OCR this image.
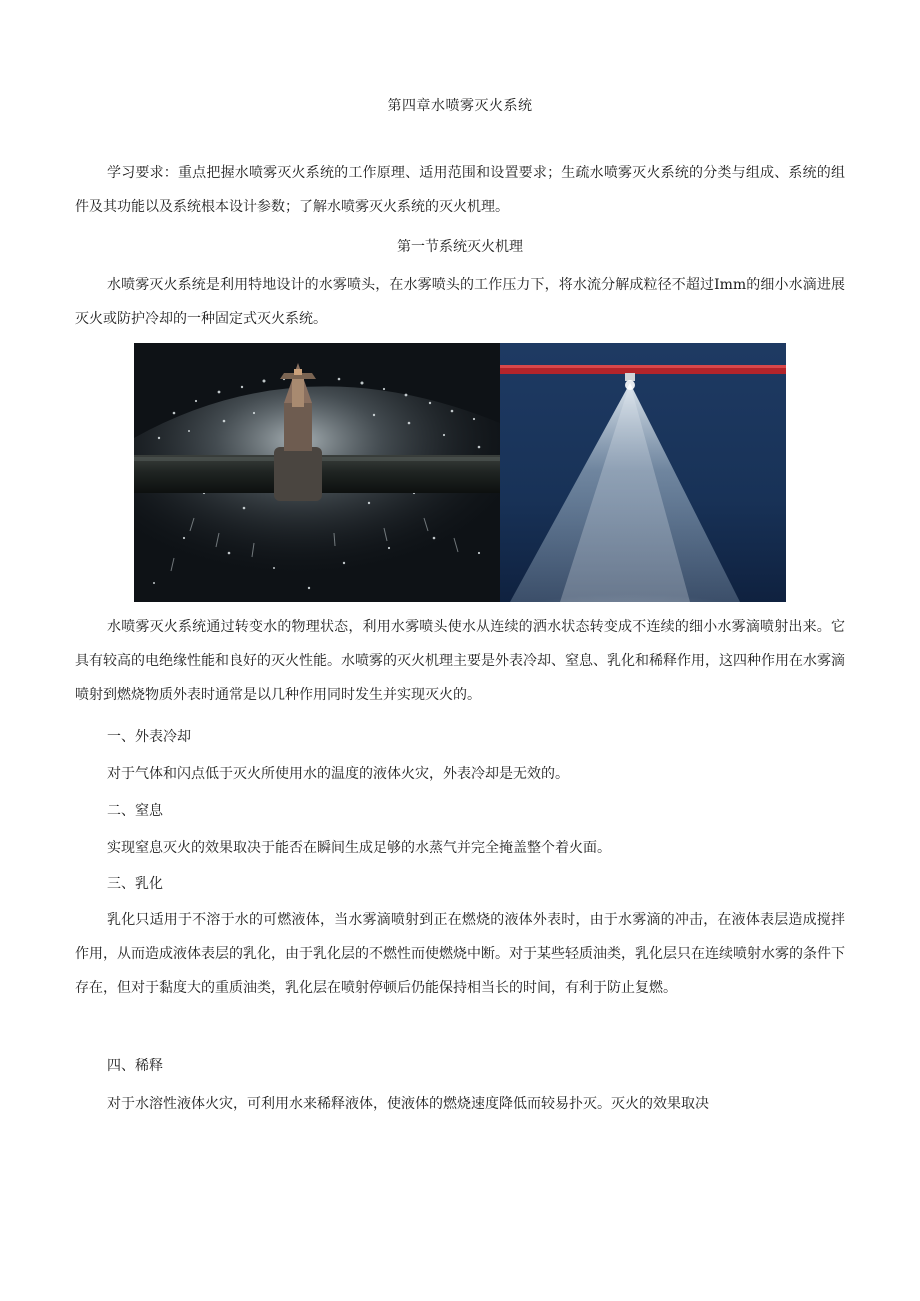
第四章水喷雾灭火系统

学习要求：重点把握水喷雾灭火系统的工作原理、适用范围和设置要求；生疏水喷雾灭火系统的分类与组成、系统的组件及其功能以及系统根本设计参数；了解水喷雾灭火系统的灭火机理。

第一节系统灭火机理

水喷雾灭火系统是利用特地设计的水雾喷头，在水雾喷头的工作压力下，将水流分解成粒径不超过Imm的细小水滴进展灭火或防护冷却的一种固定式灭火系统。

水喷雾灭火系统通过转变水的物理状态，利用水雾喷头使水从连续的洒水状态转变成不连续的细小水雾滴喷射出来。它具有较高的电绝缘性能和良好的灭火性能。水喷雾的灭火机理主要是外表冷却、窒息、乳化和稀释作用，这四种作用在水雾滴喷射到燃烧物质外表时通常是以几种作用同时发生并实现灭火的。

一、外表冷却

对于气体和闪点低于灭火所使用水的温度的液体火灾，外表冷却是无效的。

二、窒息

实现窒息灭火的效果取决于能否在瞬间生成足够的水蒸气并完全掩盖整个着火面。

三、乳化

乳化只适用于不溶于水的可燃液体，当水雾滴喷射到正在燃烧的液体外表时，由于水雾滴的冲击，在液体表层造成搅拌作用，从而造成液体表层的乳化，由于乳化层的不燃性而使燃烧中断。对于某些轻质油类，乳化层只在连续喷射水雾的条件下存在，但对于黏度大的重质油类，乳化层在喷射停顿后仍能保持相当长的时间，有利于防止复燃。

四、稀释

对于水溶性液体火灾，可利用水来稀释液体，使液体的燃烧速度降低而较易扑灭。灭火的效果取决
